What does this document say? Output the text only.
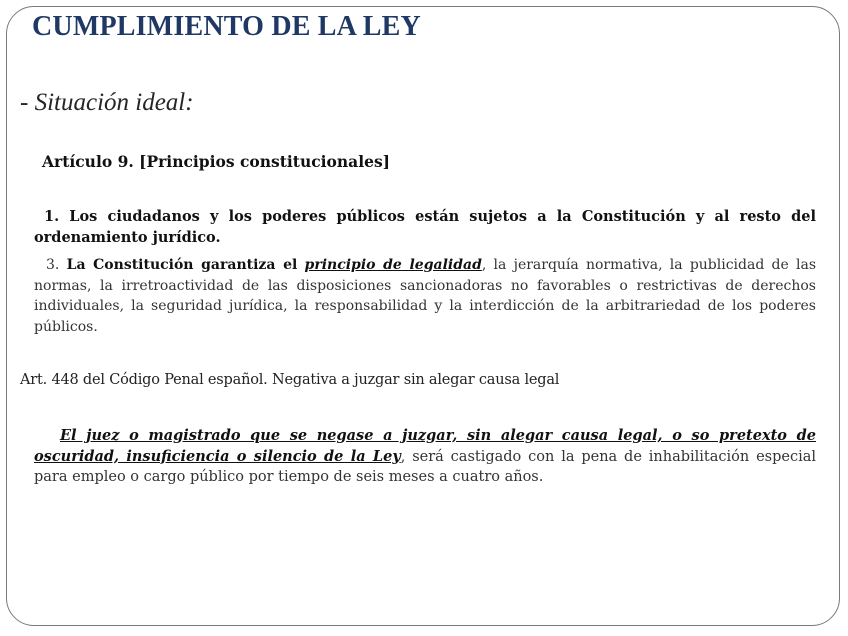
CUMPLIMIENTO DE LA LEY
- Situación ideal:
Artículo 9. [Principios constitucionales]
1. Los ciudadanos y los poderes públicos están sujetos a la Constitución y al resto del ordenamiento jurídico.
3. La Constitución garantiza el principio de legalidad, la jerarquía normativa, la publicidad de las normas, la irretroactividad de las disposiciones sancionadoras no favorables o restrictivas de derechos individuales, la seguridad jurídica, la responsabilidad y la interdicción de la arbitrariedad de los poderes públicos.
Art. 448 del Código Penal español. Negativa a juzgar sin alegar causa legal
El juez o magistrado que se negase a juzgar, sin alegar causa legal, o so pretexto de oscuridad, insuficiencia o silencio de la Ley, será castigado con la pena de inhabilitación especial para empleo o cargo público por tiempo de seis meses a cuatro años.
